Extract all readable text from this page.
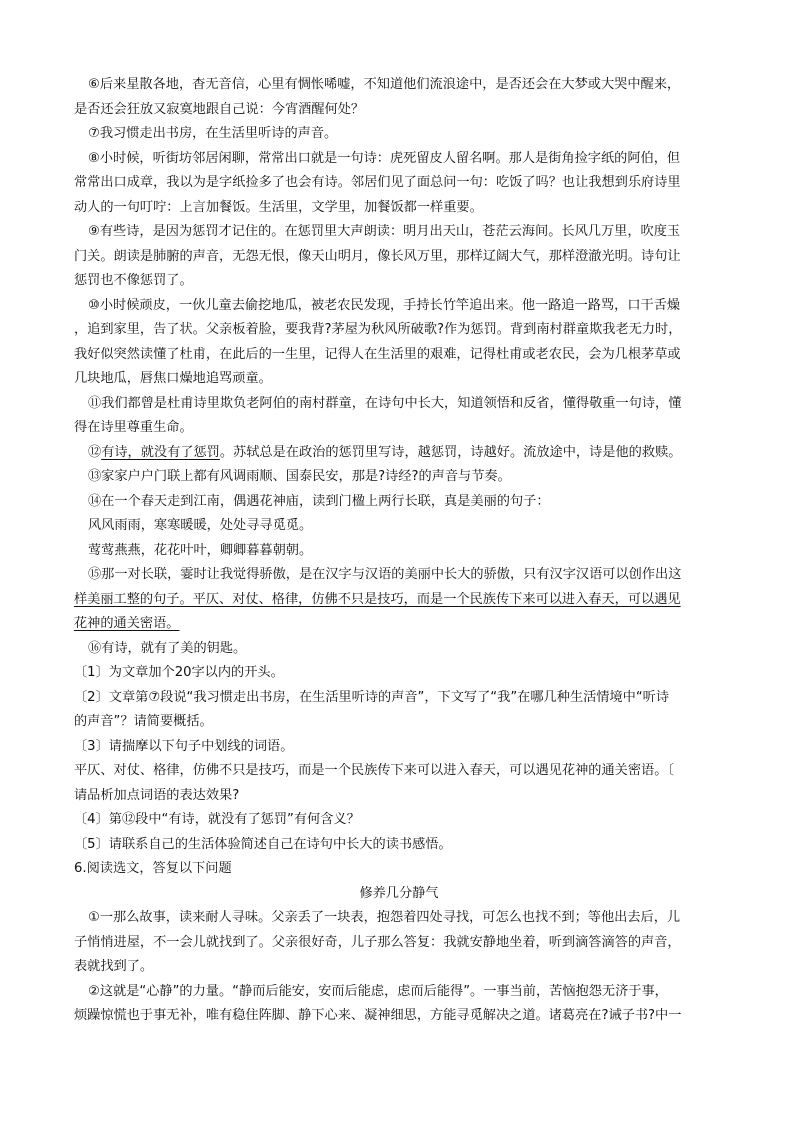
⑥后来星散各地，杳无音信，心里有惆怅唏嘘，不知道他们流浪途中，是否还会在大梦或大哭中醒来，

是否还会狂放又寂寞地跟自己说：今宵酒醒何处？

⑦我习惯走出书房，在生活里听诗的声音。

⑧小时候，听街坊邻居闲聊，常常出口就是一句诗：虎死留皮人留名啊。那人是街角捡字纸的阿伯，但

常常出口成章，我以为是字纸捡多了也会有诗。邻居们见了面总问一句：吃饭了吗？也让我想到乐府诗里

动人的一句叮咛：上言加餐饭。生活里，文学里，加餐饭都一样重要。

⑨有些诗，是因为惩罚才记住的。在惩罚里大声朗读：明月出天山，苍茫云海间。长风几万里，吹度玉

门关。朗读是肺腑的声音，无怨无恨，像天山明月，像长风万里，那样辽阔大气，那样澄澈光明。诗句让

惩罚也不像惩罚了。

⑩小时候顽皮，一伙儿童去偷挖地瓜，被老农民发现，手持长竹竿追出来。他一路追一路骂，口干舌燥

，追到家里，告了状。父亲板着脸，要我背?茅屋为秋风所破歌?作为惩罚。背到南村群童欺我老无力时，

我好似突然读懂了杜甫，在此后的一生里，记得人在生活里的艰难，记得杜甫或老农民，会为几根茅草或

几块地瓜，唇焦口燥地追骂顽童。

⑪我们都曾是杜甫诗里欺负老阿伯的南村群童，在诗句中长大，知道领悟和反省，懂得敬重一句诗，懂

得在诗里尊重生命。

⑫有诗，就没有了惩罚。苏轼总是在政治的惩罚里写诗，越惩罚，诗越好。流放途中，诗是他的救赎。

⑬家家户户门联上都有风调雨顺、国泰民安，那是?诗经?的声音与节奏。

⑭在一个春天走到江南，偶遇花神庙，读到门楹上两行长联，真是美丽的句子：

风风雨雨，寒寒暖暖，处处寻寻觅觅。

莺莺燕燕，花花叶叶，卿卿暮暮朝朝。

⑮那一对长联，霎时让我觉得骄傲，是在汉字与汉语的美丽中长大的骄傲，只有汉字汉语可以创作出这

样美丽工整的句子。平仄、对仗、格律，仿佛不只是技巧，而是一个民族传下来可以进入春天，可以遇见

花神的通关密语。

⑯有诗，就有了美的钥匙。

〔1〕为文章加个20字以内的开头。

〔2〕文章第⑦段说“我习惯走出书房，在生活里听诗的声音”，下文写了“我”在哪几种生活情境中“听诗

的声音”？请简要概括。

〔3〕请揣摩以下句子中划线的词语。

平仄、对仗、格律，仿佛不只是技巧，而是一个民族传下来可以进入春天，可以遇见花神的通关密语。〔

请品析加点词语的表达效果?

〔4〕第⑫段中“有诗，就没有了惩罚”有何含义？

〔5〕请联系自己的生活体验简述自己在诗句中长大的读书感悟。

6.阅读选文，答复以下问题

修养几分静气

①一那么故事，读来耐人寻味。父亲丢了一块表，抱怨着四处寻找，可怎么也找不到；等他出去后，儿

子悄悄进屋，不一会儿就找到了。父亲很好奇，儿子那么答复：我就安静地坐着，听到滴答滴答的声音，

表就找到了。

②这就是“心静”的力量。“静而后能安，安而后能虑，虑而后能得”。一事当前，苦恼抱怨无济于事，

烦躁惊慌也于事无补，唯有稳住阵脚、静下心来、凝神细思，方能寻觅解决之道。诸葛亮在?诫子书?中一
